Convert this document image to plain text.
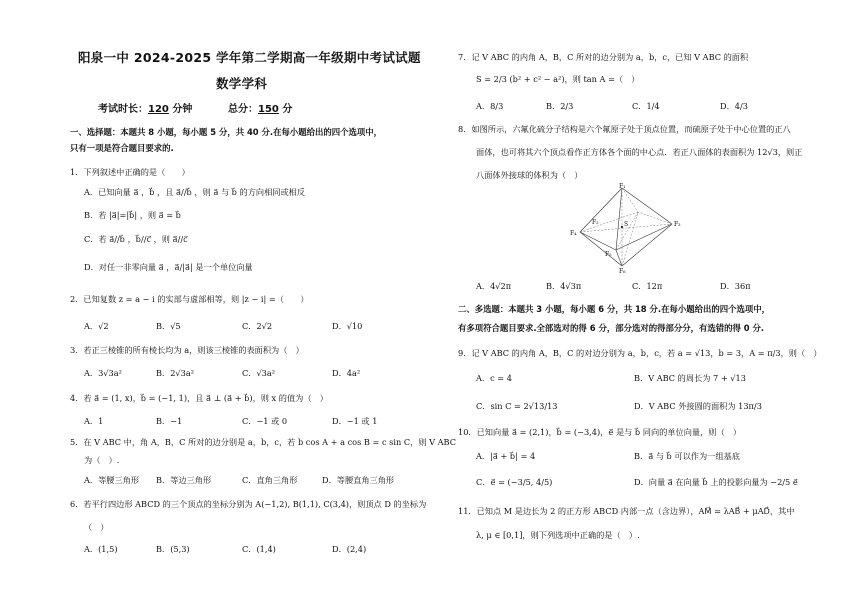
阳泉一中 2024-2025 学年第二学期高一年级期中考试试题
数学学科
考试时长：120 分钟	总分：150 分
一、选择题：本题共 8 小题，每小题 5 分，共 40 分.在每小题给出的四个选项中，
只有一项是符合题目要求的.
1．下列叙述中正确的是（　　）
A．已知向量 a⃗ ，b⃗ ，且 a⃗//b⃗ ，则 a⃗ 与 b⃗ 的方向相同或相反
B．若 |a⃗|=|b⃗| ，则 a⃗ = b⃗
C．若 a⃗//b⃗ ，b⃗//c⃗ ，则 a⃗//c⃗
D．对任一非零向量 a⃗ ，a⃗/|a⃗| 是一个单位向量
2．已知复数 z = a − i 的实部与虚部相等，则 |z − i| =（　　）
A．√2	B．√5	C．2√2	D．√10
3．若正三棱锥的所有棱长均为 a，则该三棱锥的表面积为（　）
A．3√3a²	B．2√3a²	C．√3a²	D．4a²
4．若 a⃗ = (1, x)，b⃗ = (−1, 1)，且 a⃗ ⊥ (a⃗ + b⃗)，则 x 的值为（　）
A．1	B．−1	C．−1 或 0	D．−1 或 1
5．在 V ABC 中，角 A，B，C 所对的边分别是 a，b，c，若 b cos A + a cos B = c sin C，则 V ABC
为（　）.
A．等腰三角形 B．等边三角形	C．直角三角形	D．等腰直角三角形
6．若平行四边形 ABCD 的三个顶点的坐标分别为 A(−1,2), B(1,1), C(3,4)，则顶点 D 的坐标为
（　）
A．(1,5)	B．(5,3)	C．(1,4)	D．(2,4)
7．记 V ABC 的内角 A，B，C 所对的边分别为 a，b，c，已知 V ABC 的面积
S = 2/3 (b² + c² − a²)，则 tan A =（　）
A．8/3	B．2/3	C．1/4	D．4/3
8．如图所示，六氟化硫分子结构是六个氟原子处于顶点位置，而硫原子处于中心位置的正八
面体，也可将其六个顶点看作正方体各个面的中心点．若正八面体的表面积为 12√3，则正
八面体外接球的体积为（　）
F₁
F₂	F₃
F₄
F₅
F₆
S
A．4√2π	B．4√3π	C．12π	D．36π
二、多选题：本题共 3 小题，每小题 6 分，共 18 分.在每小题给出的四个选项中，
有多项符合题目要求.全部选对的得 6 分，部分选对的得部分分，有选错的得 0 分.
9．记 V ABC 的内角 A，B，C 的对边分别为 a，b，c，若 a = √13，b = 3，A = π/3，则（　）
A．c = 4	B．V ABC 的周长为 7 + √13
C．sin C = 2√13/13	D．V ABC 外接圆的面积为 13π/3
10．已知向量 a⃗ = (2,1)，b⃗ = (−3,4)，e⃗ 是与 b⃗ 同向的单位向量，则（　）
A．|a⃗ + b⃗| = 4	B．a⃗ 与 b⃗ 可以作为一组基底
C．e⃗ = (−3/5, 4/5)	D．向量 a⃗ 在向量 b⃗ 上的投影向量为 −2/5 e⃗
11．已知点 M 是边长为 2 的正方形 ABCD 内部一点（含边界），AM⃗ = λAB⃗ + μAD⃗，其中
λ, μ ∈ [0,1]，则下列选项中正确的是（　）.
